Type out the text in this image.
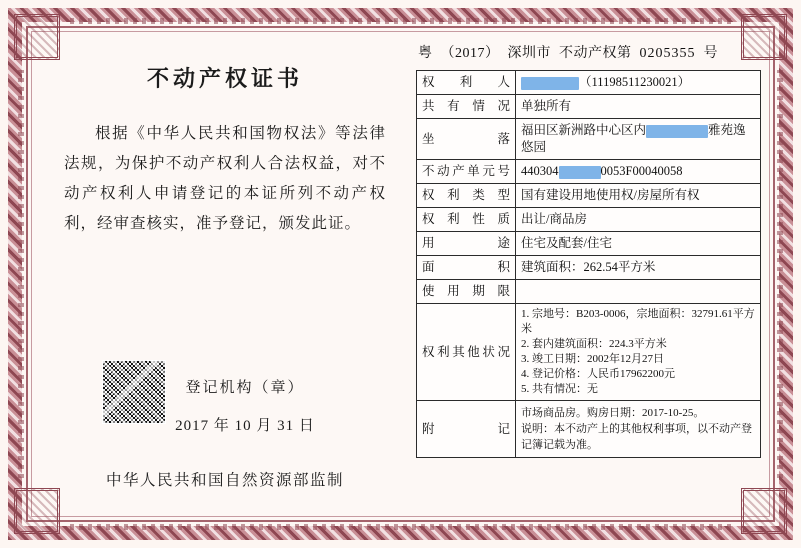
不动产权证书
根据《中华人民共和国物权法》等法律法规，为保护不动产权利人合法权益，对不动产权利人申请登记的本证所列不动产权利，经审查核实，准予登记，颁发此证。
登记机构（章）
2017 年 10 月 31 日
中华人民共和国自然资源部监制
粤 （2017） 深圳市 不动产权第 0205355 号
权利人	（11198511230021）
共有情况	单独所有
坐　　落	福田区新洲路中心区内 雅苑逸
悠园

不动产单元号	440304 0053F00040058
权利类型	国有建设用地使用权/房屋所有权
权利性质	出让/商品房
用　　途	住宅及配套/住宅
面　　积	建筑面积：262.54平方米
使用期限	
权利其他状况	
1. 宗地号：B203-0006，宗地面积：32791.61平方米
2. 套内建筑面积：224.3平方米
3. 竣工日期：2002年12月27日
4. 登记价格：人民币17962200元
5. 共有情况：无

附　　记	市场商品房。购房日期：2017-10-25。
说明：本不动产上的其他权利事项，以不动产登记簿记载为准。
